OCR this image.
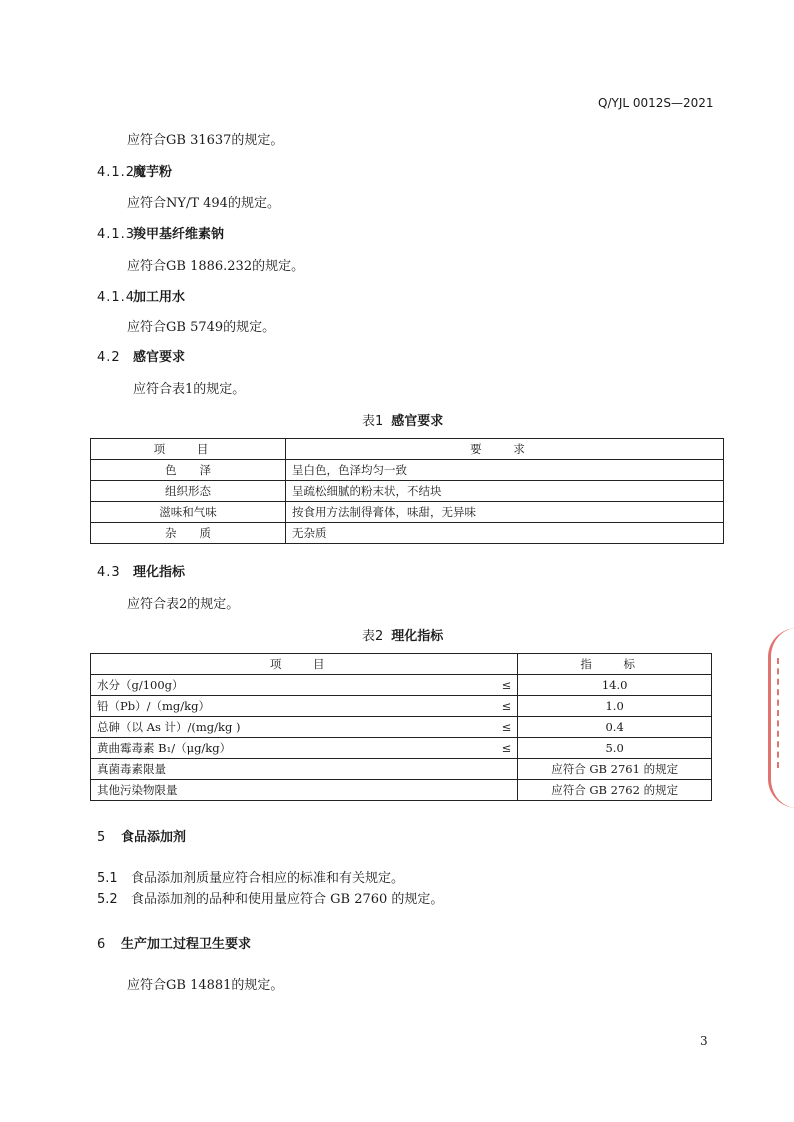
Q/YJL 0012S—2021
应符合GB 31637的规定。
4.1.2魔芋粉
应符合NY/T 494的规定。
4.1.3羧甲基纤维素钠
应符合GB 1886.232的规定。
4.1.4加工用水
应符合GB 5749的规定。
4.2 感官要求
应符合表1的规定。
表1 感官要求
项 目	要 求
色　　泽	呈白色，色泽均匀一致
组织形态	呈疏松细腻的粉末状，不结块
滋味和气味	按食用方法制得膏体，味甜，无异味
杂　　质	无杂质
4.3 理化指标
应符合表2的规定。
表2 理化指标
项 目		指 标
水分（g/100g）	≤	14.0
铅（Pb）/（mg/kg）	≤	1.0
总砷（以 As 计）/(mg/kg )	≤	0.4
黄曲霉毒素 B₁/（μg/kg）	≤	5.0
真菌毒素限量		应符合 GB 2761 的规定
其他污染物限量		应符合 GB 2762 的规定
5 食品添加剂
5.1 食品添加剂质量应符合相应的标准和有关规定。
5.2 食品添加剂的品种和使用量应符合 GB 2760 的规定。
6 生产加工过程卫生要求
应符合GB 14881的规定。
3
